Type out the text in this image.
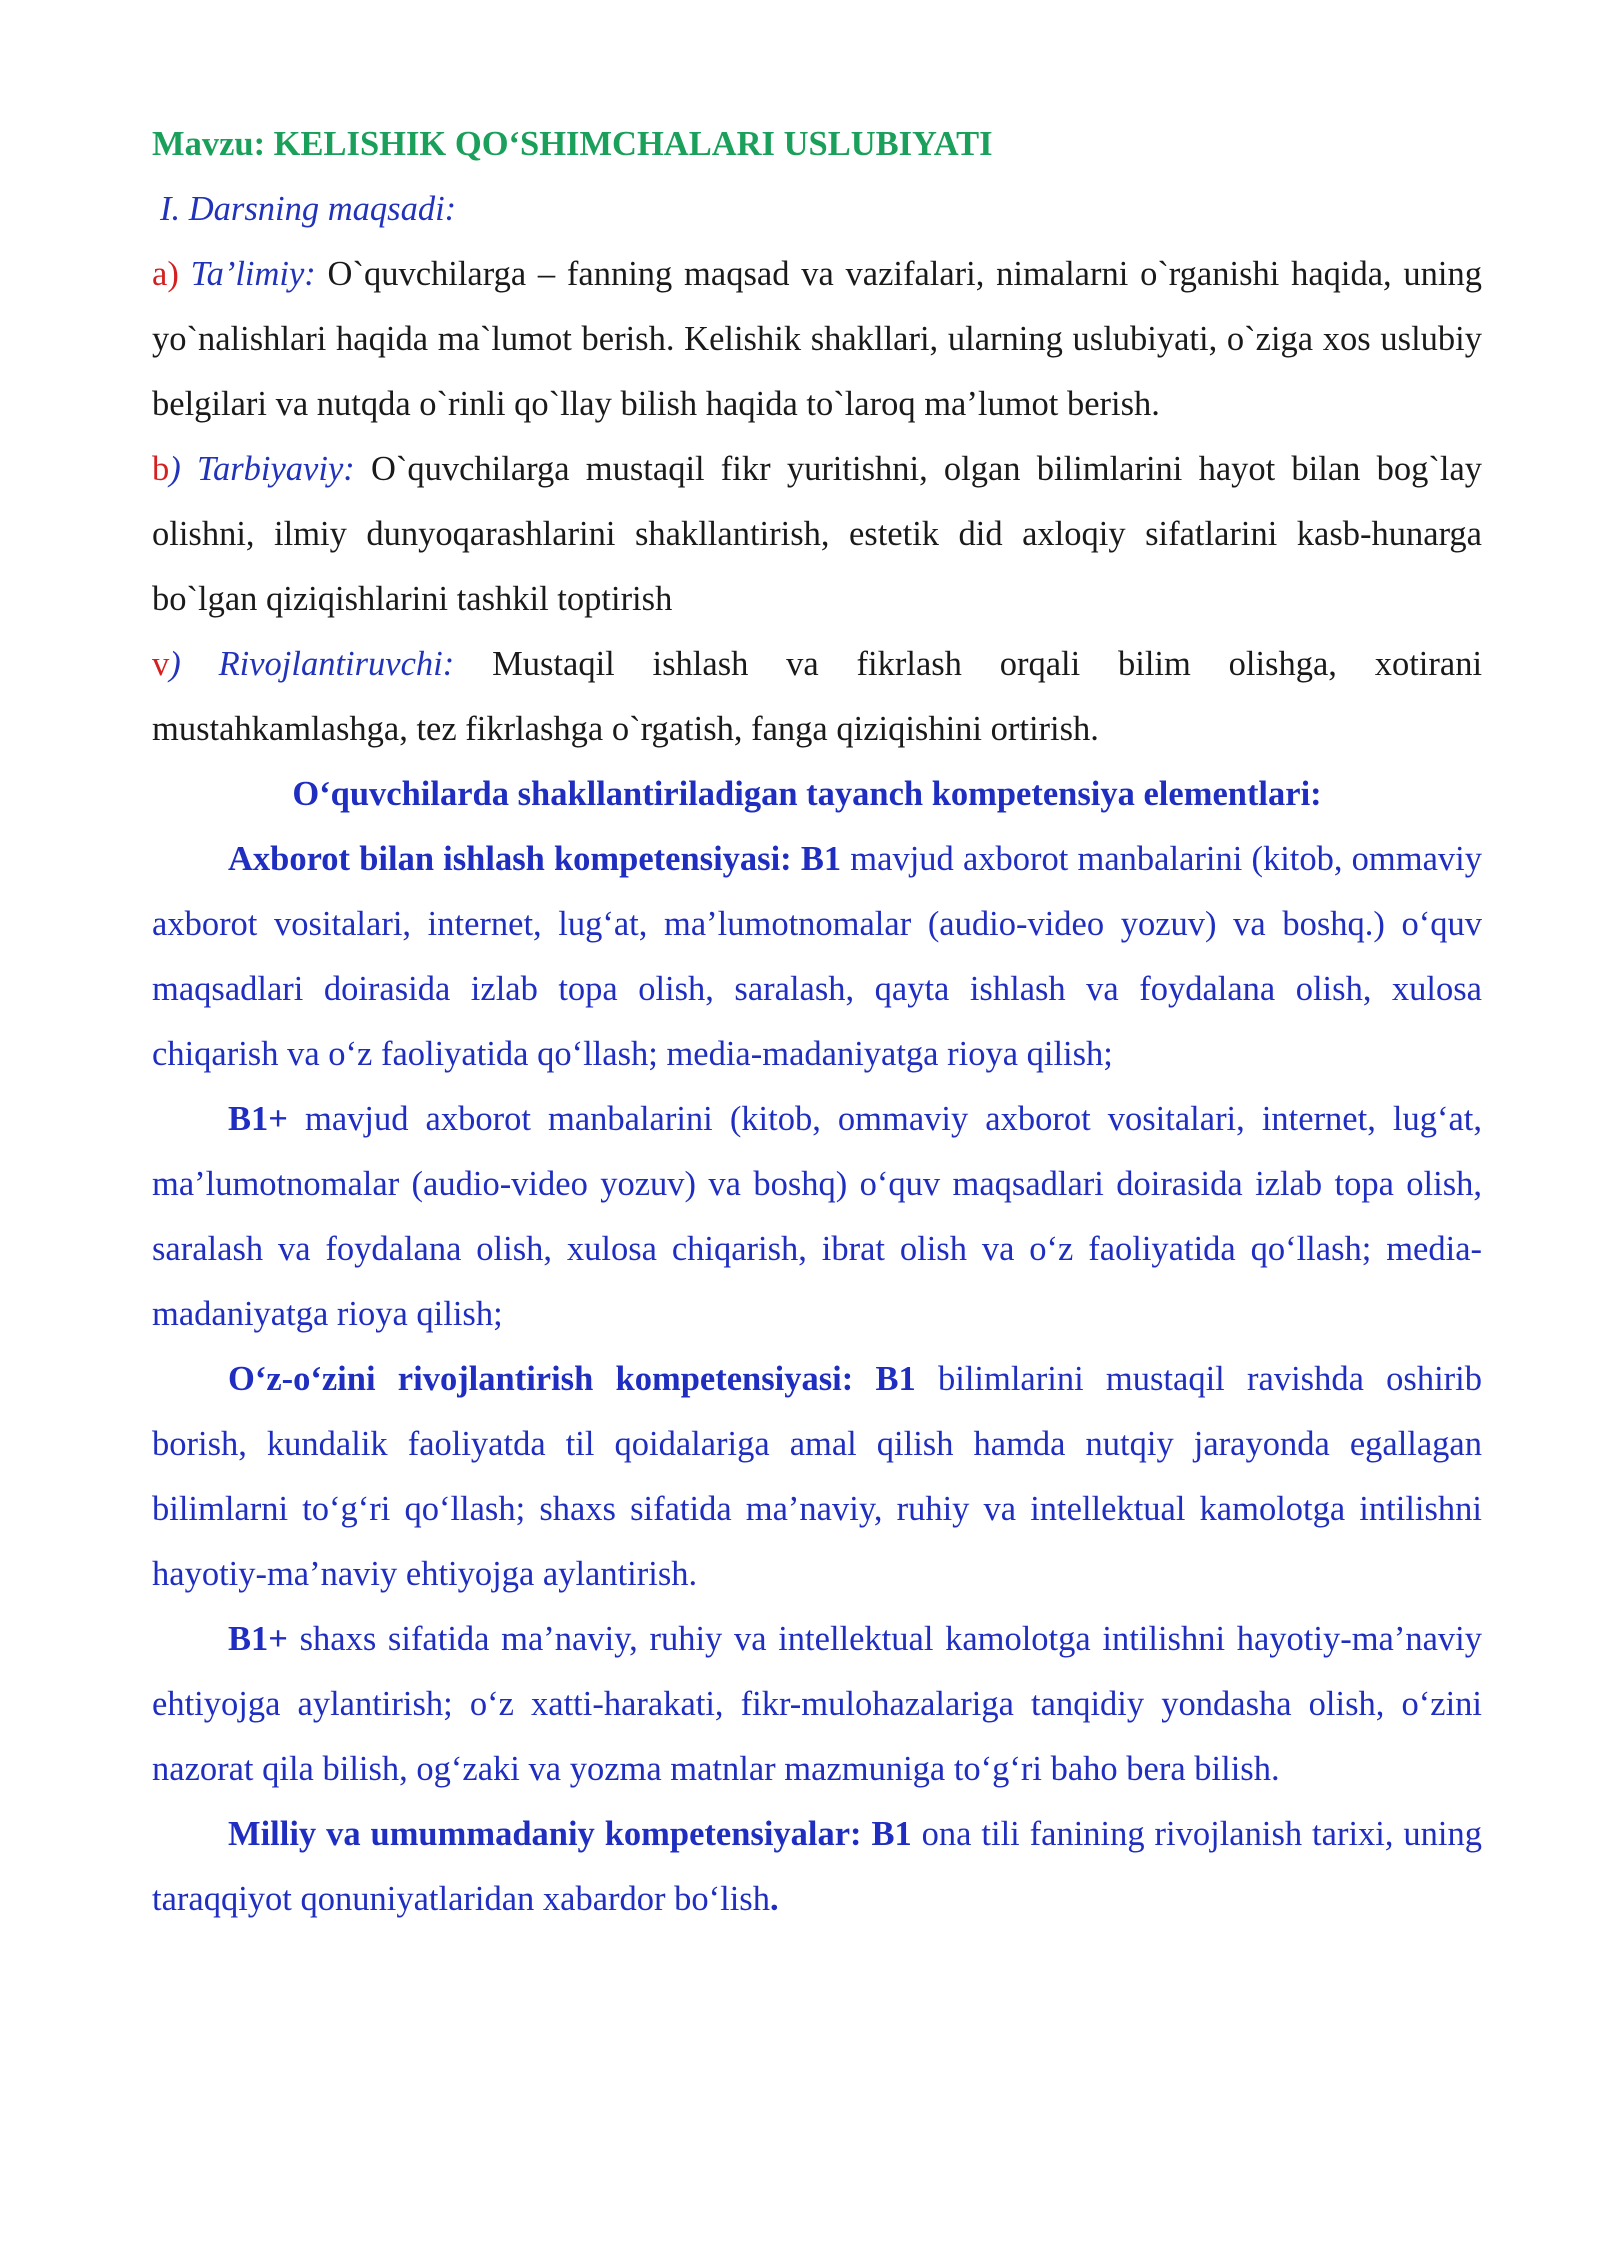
Mavzu: KELISHIK QO‘SHIMCHALARI USLUBIYATI

I. Darsning maqsadi:

a) Ta’limiy: O`quvchilarga – fanning maqsad va vazifalari, nimalarni o`rganishi haqida, uning yo`nalishlari haqida ma`lumot berish. Kelishik shakllari, ularning uslubiyati, o`ziga xos uslubiy belgilari va nutqda o`rinli qo`llay bilish haqida to`laroq ma’lumot berish.

b) Tarbiyaviy: O`quvchilarga mustaqil fikr yuritishni, olgan bilimlarini hayot bilan bog`lay olishni, ilmiy dunyoqarashlarini shakllantirish, estetik did axloqiy sifatlarini kasb-hunarga bo`lgan qiziqishlarini tashkil toptirish

v) Rivojlantiruvchi: Mustaqil ishlash va fikrlash orqali bilim olishga, xotirani mustahkamlashga, tez fikrlashga o`rgatish, fanga qiziqishini ortirish.

O‘quvchilarda shakllantiriladigan tayanch kompetensiya elementlari:

Axborot bilan ishlash kompetensiyasi: B1 mavjud axborot manbalarini (kitob, ommaviy axborot vositalari, internet, lug‘at, ma’lumotnomalar (audio-video yozuv) va boshq.) o‘quv maqsadlari doirasida izlab topa olish, saralash, qayta ishlash va foydalana olish, xulosa chiqarish va o‘z faoliyatida qo‘llash; media-madaniyatga rioya qilish;

B1+ mavjud axborot manbalarini (kitob, ommaviy axborot vositalari, internet, lug‘at, ma’lumotnomalar (audio-video yozuv) va boshq) o‘quv maqsadlari doirasida izlab topa olish, saralash va foydalana olish, xulosa chiqarish, ibrat olish va o‘z faoliyatida qo‘llash; media-madaniyatga rioya qilish;

O‘z-o‘zini rivojlantirish kompetensiyasi: B1 bilimlarini mustaqil ravishda oshirib borish, kundalik faoliyatda til qoidalariga amal qilish hamda nutqiy jarayonda egallagan bilimlarni to‘g‘ri qo‘llash; shaxs sifatida ma’naviy, ruhiy va intellektual kamolotga intilishni hayotiy-ma’naviy ehtiyojga aylantirish.

B1+ shaxs sifatida ma’naviy, ruhiy va intellektual kamolotga intilishni hayotiy-ma’naviy ehtiyojga aylantirish; o‘z xatti-harakati, fikr-mulohazalariga tanqidiy yondasha olish, o‘zini nazorat qila bilish, og‘zaki va yozma matnlar mazmuniga to‘g‘ri baho bera bilish.

Milliy va umummadaniy kompetensiyalar: B1 ona tili fanining rivojlanish tarixi, uning taraqqiyot qonuniyatlaridan xabardor bo‘lish.
